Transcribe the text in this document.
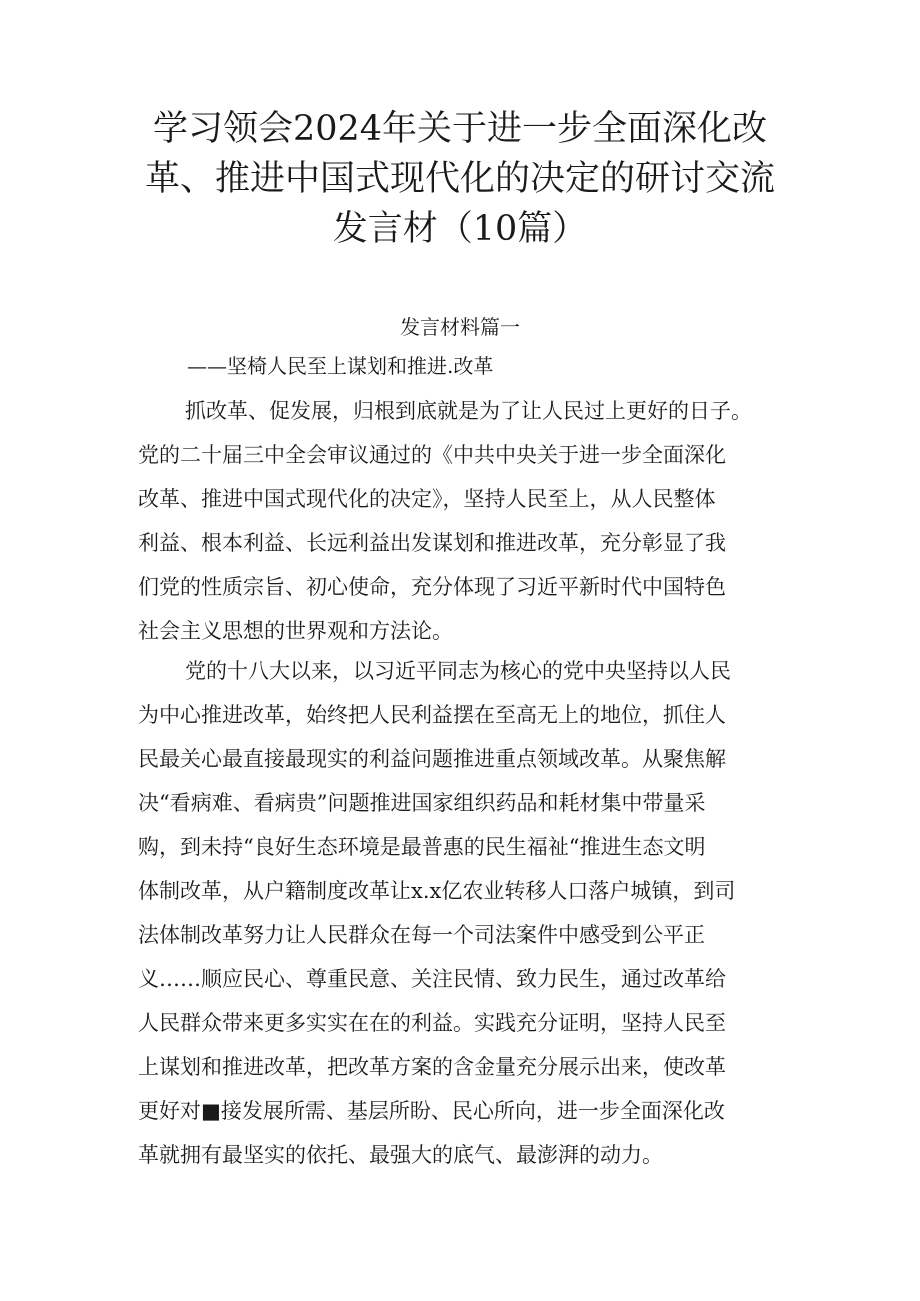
学习领会2024年关于进一步全面深化改
革、推进中国式现代化的决定的研讨交流
发言材（10篇）
发言材料篇一

——坚椅人民至上谋划和推进.改革

抓改革、促发展，归根到底就是为了让人民过上更好的日子。
党的二十届三中全会审议通过的《中共中央关于进一步全面深化
改革、推进中国式现代化的决定》，坚持人民至上，从人民整体
利益、根本利益、长远利益出发谋划和推进改革，充分彰显了我
们党的性质宗旨、初心使命，充分体现了习近平新时代中国特色
社会主义思想的世界观和方法论。

党的十八大以来，以习近平同志为核心的党中央坚持以人民
为中心推进改革，始终把人民利益摆在至高无上的地位，抓住人
民最关心最直接最现实的利益问题推进重点领域改革。从聚焦解
决“看病难、看病贵”问题推进国家组织药品和耗材集中带量采
购，到未持“良好生态环境是最普惠的民生福祉“推进生态文明
体制改革，从户籍制度改革让x.x亿农业转移人口落户城镇，到司
法体制改革努力让人民群众在每一个司法案件中感受到公平正
义……顺应民心、尊重民意、关注民情、致力民生，通过改革给
人民群众带来更多实实在在的利益。实践充分证明，坚持人民至
上谋划和推进改革，把改革方案的含金量充分展示出来，使改革
更好对■接发展所需、基层所盼、民心所向，进一步全面深化改
革就拥有最坚实的依托、最强大的底气、最澎湃的动力。
